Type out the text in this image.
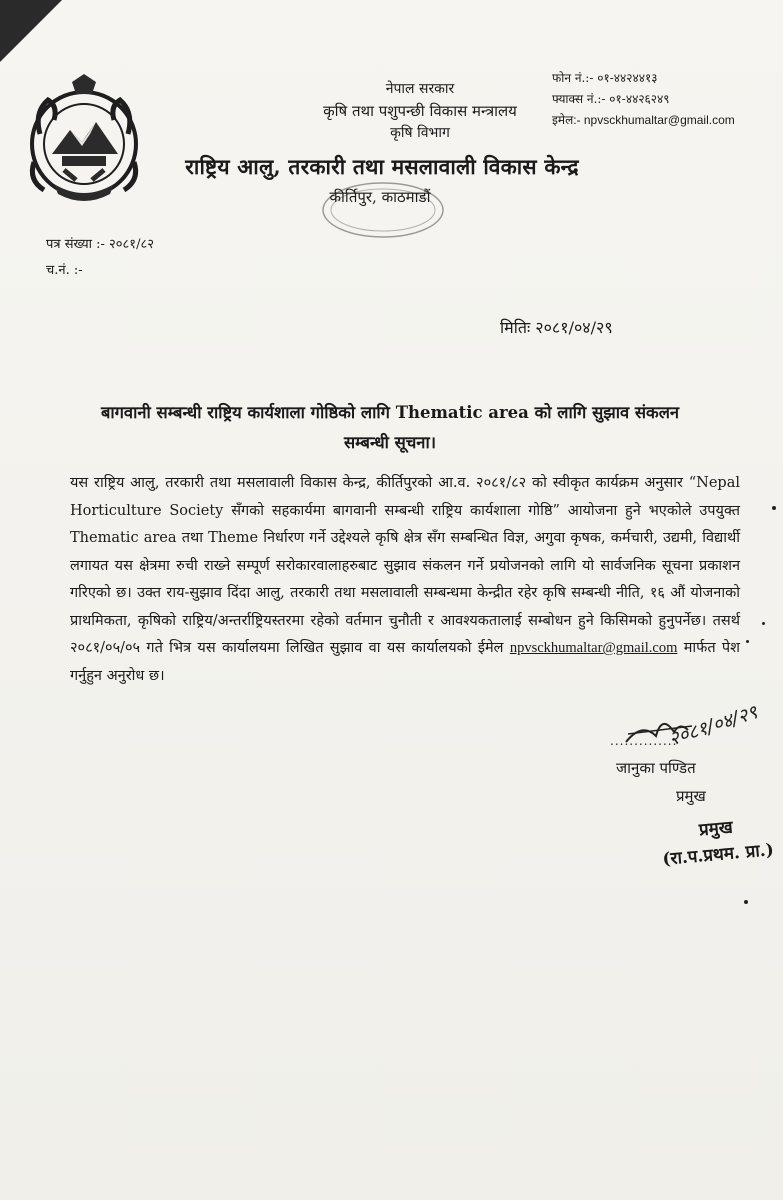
नेपाल सरकार
कृषि तथा पशुपन्छी विकास मन्त्रालय
कृषि विभाग
राष्ट्रिय आलु, तरकारी तथा मसलावाली विकास केन्द्र
कीर्तिपुर, काठमाडौं
फोन नं.:- ०१-४४२४४१३
फ्याक्स नं.:- ०१-४४२६२४९
इमेल:- npvsckhumaltar@gmail.com
पत्र संख्या :- २०८१/८२
च.नं. :-
मितिः २०८१/०४/२९
बागवानी सम्बन्धी राष्ट्रिय कार्यशाला गोष्ठिको लागि Thematic area को लागि सुझाव संकलन
सम्बन्धी सूचना।

यस राष्ट्रिय आलु, तरकारी तथा मसलावाली विकास केन्द्र, कीर्तिपुरको आ.व. २०८१/८२ को स्वीकृत कार्यक्रम अनुसार “Nepal Horticulture Society सँगको सहकार्यमा बागवानी सम्बन्धी राष्ट्रिय कार्यशाला गोष्ठि” आयोजना हुने भएकोले उपयुक्त Thematic area तथा Theme निर्धारण गर्ने उद्देश्यले कृषि क्षेत्र सँग सम्बन्धित विज्ञ, अगुवा कृषक, कर्मचारी, उद्यमी, विद्यार्थी लगायत यस क्षेत्रमा रुची राख्ने सम्पूर्ण सरोकारवालाहरुबाट सुझाव संकलन गर्ने प्रयोजनको लागि यो सार्वजनिक सूचना प्रकाशन गरिएको छ। उक्त राय-सुझाव दिंदा आलु, तरकारी तथा मसलावाली सम्बन्धमा केन्द्रीत रहेर कृषि सम्बन्धी नीति, १६ औं योजनाको प्राथमिकता, कृषिको राष्ट्रिय/अन्तर्राष्ट्रियस्तरमा रहेको वर्तमान चुनौती र आवश्यकतालाई सम्बोधन हुने किसिमको हुनुपर्नेछ। तसर्थ २०८१/०५/०५ गते भित्र यस कार्यालयमा लिखित सुझाव वा यस कार्यालयको ईमेल npvsckhumaltar@gmail.com मार्फत पेश गर्नुहुन अनुरोध छ।

२०८१/०४/२९
..............
जानुका पण्डित
प्रमुख
प्रमुख
(रा.प.प्रथम. प्रा.)
